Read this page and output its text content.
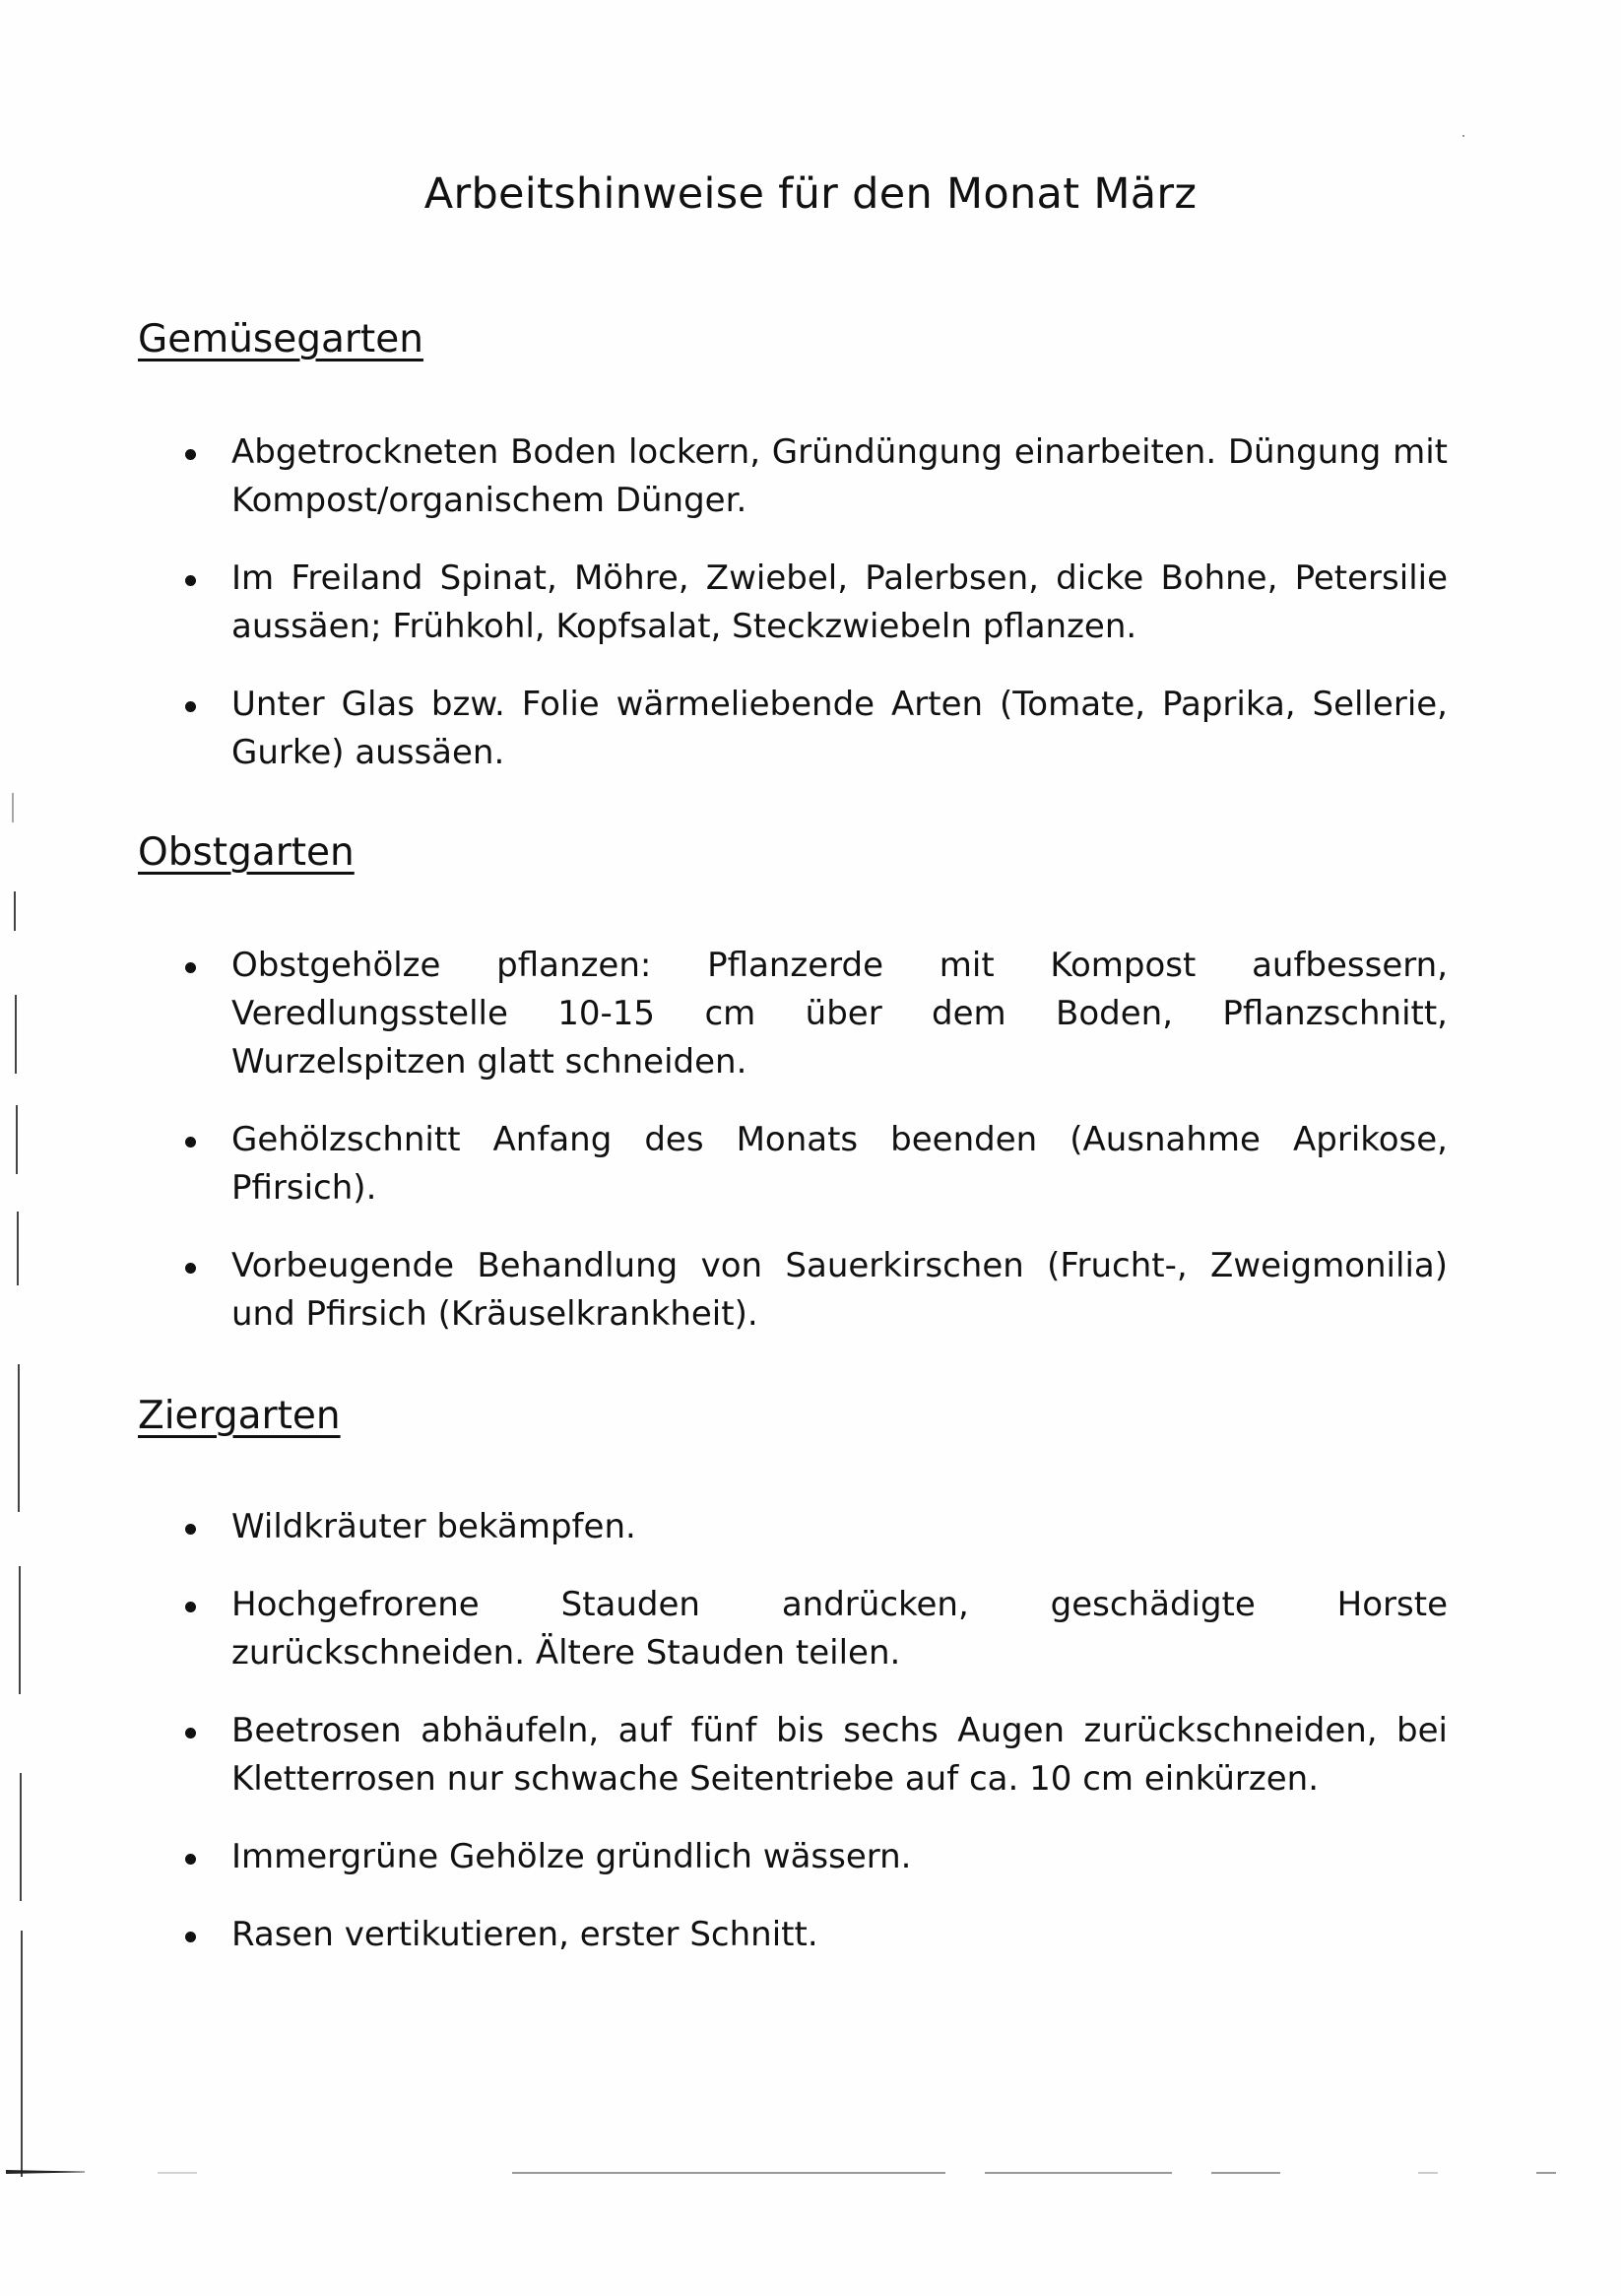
Arbeitshinweise für den Monat März
Gemüsegarten
Abgetrockneten Boden lockern, Gründüngung einarbeiten. Düngung mit Kompost/organischem Dünger.
Im Freiland Spinat, Möhre, Zwiebel, Palerbsen, dicke Bohne, Petersilie aussäen; Frühkohl, Kopfsalat, Steckzwiebeln pflanzen.
Unter Glas bzw. Folie wärmeliebende Arten (Tomate, Paprika, Sellerie, Gurke) aussäen.
Obstgarten
Obstgehölze pflanzen: Pflanzerde mit Kompost aufbessern, Veredlungsstelle 10-15 cm über dem Boden, Pflanzschnitt, Wurzelspitzen glatt schneiden.
Gehölzschnitt Anfang des Monats beenden (Ausnahme Aprikose, Pfirsich).
Vorbeugende Behandlung von Sauerkirschen (Frucht-, Zweigmonilia) und Pfirsich (Kräuselkrankheit).
Ziergarten
Wildkräuter bekämpfen.
Hochgefrorene Stauden andrücken, geschädigte Horste zurückschneiden. Ältere Stauden teilen.
Beetrosen abhäufeln, auf fünf bis sechs Augen zurückschneiden, bei Kletterrosen nur schwache Seitentriebe auf ca. 10 cm einkürzen.
Immergrüne Gehölze gründlich wässern.
Rasen vertikutieren, erster Schnitt.
